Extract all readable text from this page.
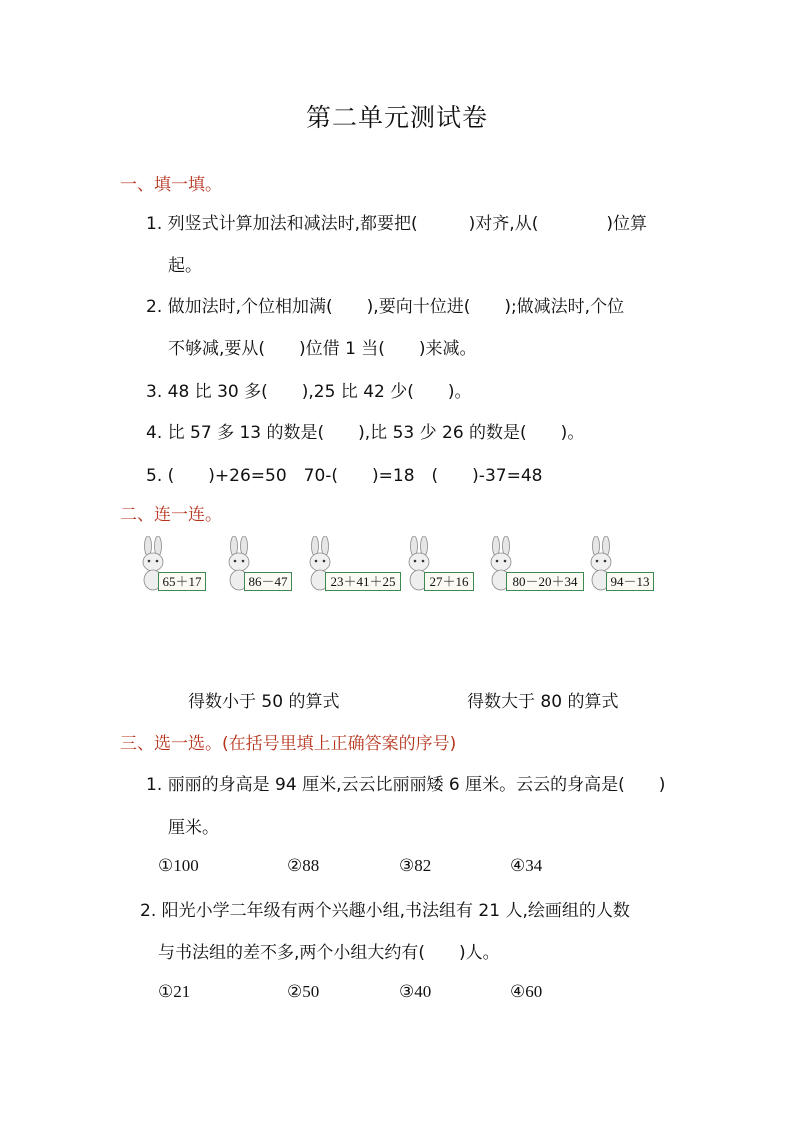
第二单元测试卷
一、填一填。
1. 列竖式计算加法和减法时,都要把(　　　)对齐,从(　　　　)位算
起。
2. 做加法时,个位相加满(　　),要向十位进(　　);做减法时,个位
不够减,要从(　　)位借 1 当(　　)来减。
3. 48 比 30 多(　　),25 比 42 少(　　)。
4. 比 57 多 13 的数是(　　),比 53 少 26 的数是(　　)。
5. (　　)+26=50　70-(　　)=18　(　　)-37=48
二、连一连。
65＋17	86－47	23＋41＋25	27＋16	80－20＋34	94－13
得数小于 50 的算式	得数大于 80 的算式
三、选一选。(在括号里填上正确答案的序号)
1. 丽丽的身高是 94 厘米,云云比丽丽矮 6 厘米。云云的身高是(　　)
厘米。
①100	②88	③82	④34
2. 阳光小学二年级有两个兴趣小组,书法组有 21 人,绘画组的人数
与书法组的差不多,两个小组大约有(　　)人。
①21	②50	③40	④60
